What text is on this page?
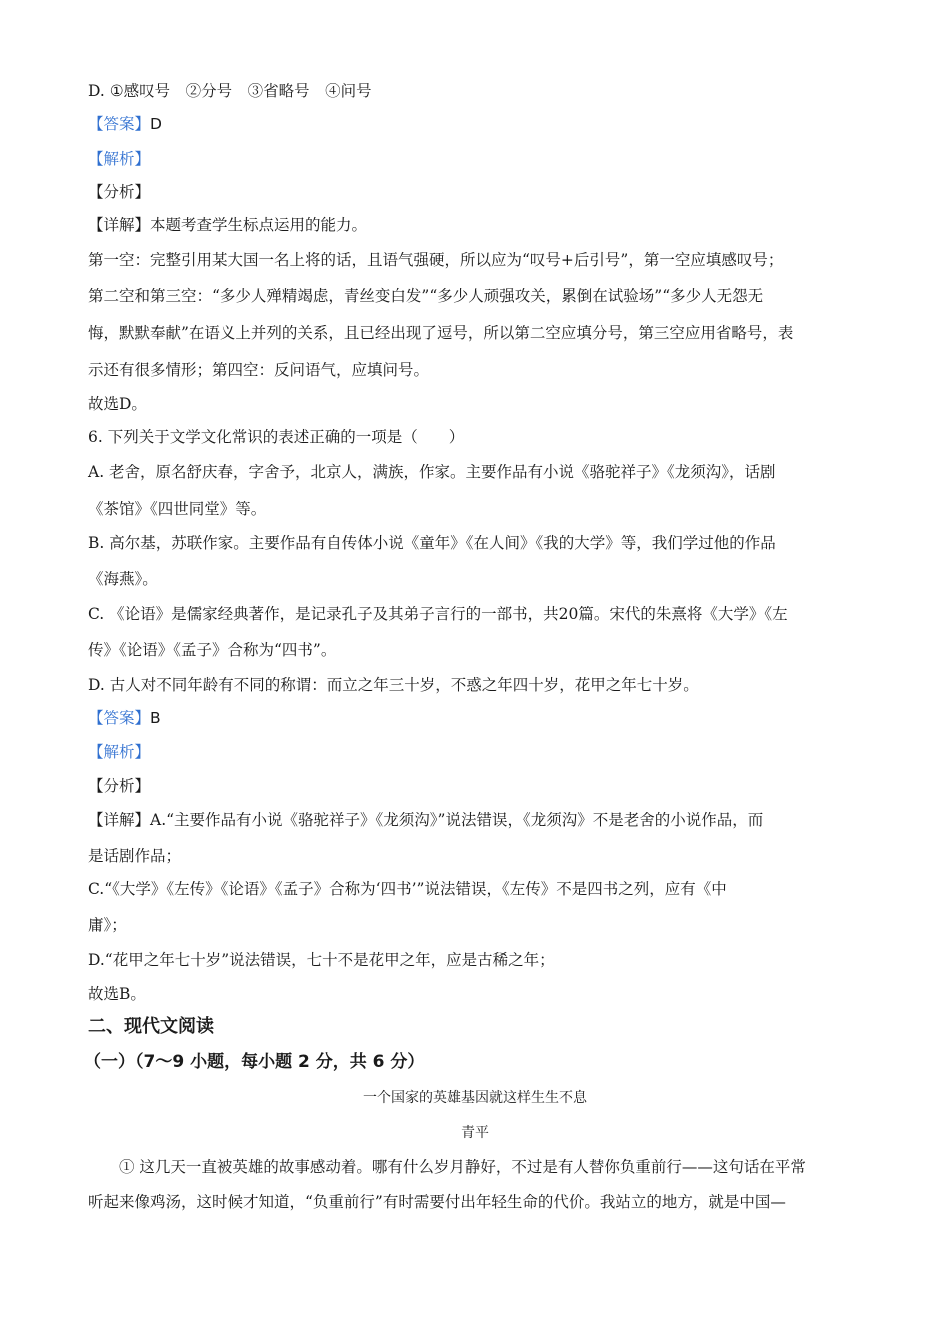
D. ①感叹号　②分号　③省略号　④问号
【答案】D
【解析】
【分析】
【详解】本题考查学生标点运用的能力。
第一空：完整引用某大国一名上将的话，且语气强硬，所以应为“叹号+后引号”，第一空应填感叹号；
第二空和第三空：“多少人殚精竭虑，青丝变白发”“多少人顽强攻关，累倒在试验场”“多少人无怨无
悔，默默奉献”在语义上并列的关系，且已经出现了逗号，所以第二空应填分号，第三空应用省略号，表
示还有很多情形；第四空：反问语气，应填问号。
故选D。
6. 下列关于文学文化常识的表述正确的一项是（　　）
A. 老舍，原名舒庆春，字舍予，北京人，满族，作家。主要作品有小说《骆驼祥子》《龙须沟》，话剧
《茶馆》《四世同堂》等。
B. 高尔基，苏联作家。主要作品有自传体小说《童年》《在人间》《我的大学》等，我们学过他的作品
《海燕》。
C. 《论语》是儒家经典著作，是记录孔子及其弟子言行的一部书，共20篇。宋代的朱熹将《大学》《左
传》《论语》《孟子》合称为“四书”。
D. 古人对不同年龄有不同的称谓：而立之年三十岁，不惑之年四十岁，花甲之年七十岁。
【答案】B
【解析】
【分析】
【详解】A.“主要作品有小说《骆驼祥子》《龙须沟》”说法错误，《龙须沟》不是老舍的小说作品，而
是话剧作品；
C.“《大学》《左传》《论语》《孟子》合称为‘四书’”说法错误，《左传》不是四书之列，应有《中
庸》；
D.“花甲之年七十岁”说法错误，七十不是花甲之年，应是古稀之年；
故选B。
二、现代文阅读
（一）（7～9 小题，每小题 2 分，共 6 分）
一个国家的英雄基因就这样生生不息
青平
　　① 这几天一直被英雄的故事感动着。哪有什么岁月静好，不过是有人替你负重前行——这句话在平常
听起来像鸡汤，这时候才知道，“负重前行”有时需要付出年轻生命的代价。我站立的地方，就是中国—
